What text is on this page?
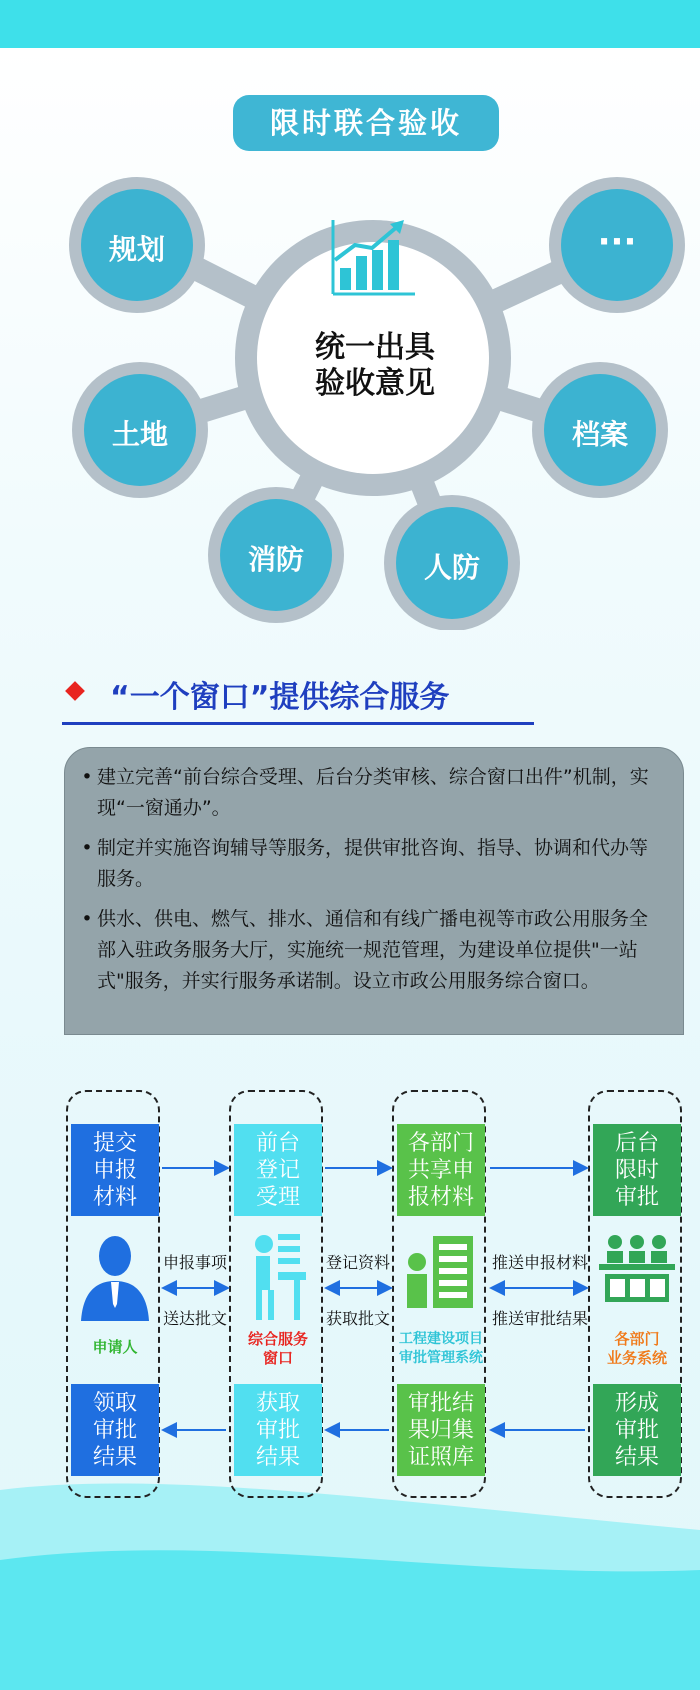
限时联合验收
规划
土地
消防	人防
档案
···
统一出具
验收意见
“一个窗口”提供综合服务
• 建立完善“前台综合受理、后台分类审核、综合窗口出件”机制，实现“一窗通办”。
• 制定并实施咨询辅导等服务，提供审批咨询、指导、协调和代办等服务。
• 供水、供电、燃气、排水、通信和有线广播电视等市政公用服务全部入驻政务服务大厅，实施统一规范管理，为建设单位提供"一站式"服务，并实行服务承诺制。设立市政公用服务综合窗口。
提交
申报
材料
申请人
领取
审批
结果
前台
登记
受理
综合服务
窗口
获取
审批
结果
各部门
共享申
报材料
工程建设项目
审批管理系统
审批结
果归集
证照库
后台
限时
审批
各部门
业务系统
形成
审批
结果
申报事项
送达批文
登记资料
获取批文
推送申报材料
推送审批结果
